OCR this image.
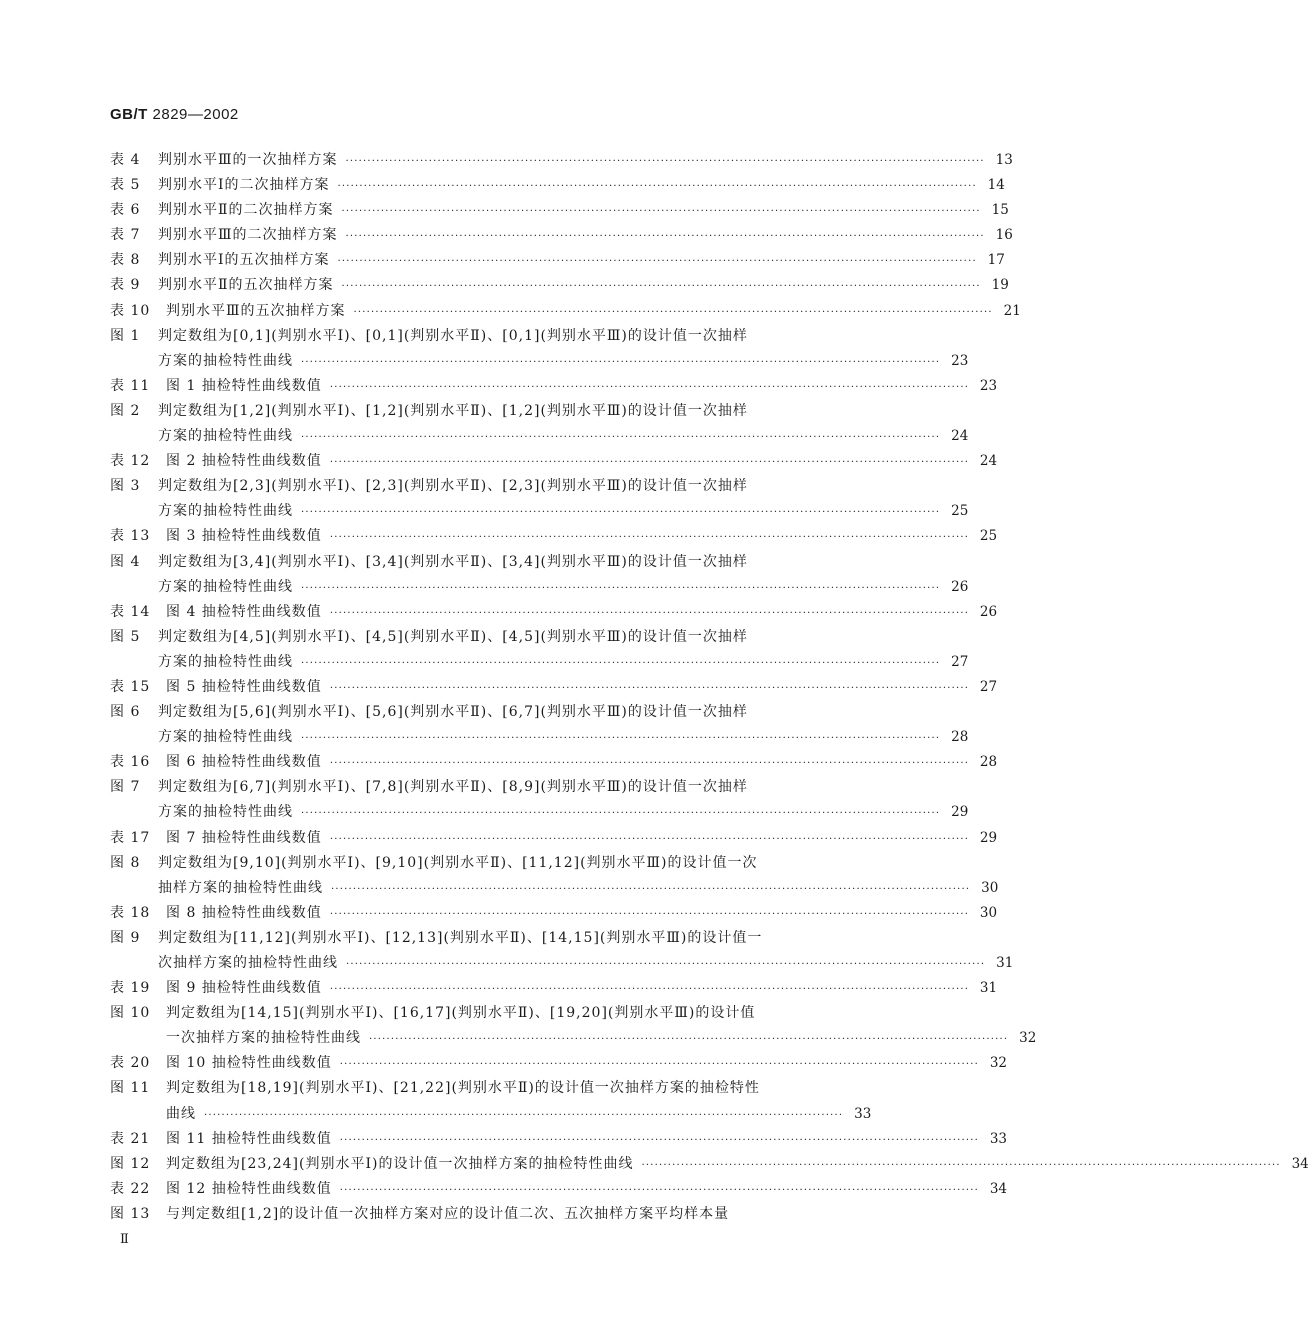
GB/T 2829—2002
表 4	判别水平Ⅲ的一次抽样方案 ·····	13
表 5	判别水平Ⅰ的二次抽样方案 ·····	14
表 6	判别水平Ⅱ的二次抽样方案 ·····	15
表 7	判别水平Ⅲ的二次抽样方案 ·····	16
表 8	判别水平Ⅰ的五次抽样方案 ·····	17
表 9	判别水平Ⅱ的五次抽样方案 ·····	19
表 10	判别水平Ⅲ的五次抽样方案 ·····	21
图 1	判定数组为[0,1](判别水平Ⅰ)、[0,1](判别水平Ⅱ)、[0,1](判别水平Ⅲ)的设计值一次抽样
方案的抽检特性曲线 ·····	23
表 11	图 1 抽检特性曲线数值 ·····	23
图 2	判定数组为[1,2](判别水平Ⅰ)、[1,2](判别水平Ⅱ)、[1,2](判别水平Ⅲ)的设计值一次抽样
方案的抽检特性曲线 ·····	24
表 12	图 2 抽检特性曲线数值 ·····	24
图 3	判定数组为[2,3](判别水平Ⅰ)、[2,3](判别水平Ⅱ)、[2,3](判别水平Ⅲ)的设计值一次抽样
方案的抽检特性曲线 ·····	25
表 13	图 3 抽检特性曲线数值 ·····	25
图 4	判定数组为[3,4](判别水平Ⅰ)、[3,4](判别水平Ⅱ)、[3,4](判别水平Ⅲ)的设计值一次抽样
方案的抽检特性曲线 ·····	26
表 14	图 4 抽检特性曲线数值 ·····	26
图 5	判定数组为[4,5](判别水平Ⅰ)、[4,5](判别水平Ⅱ)、[4,5](判别水平Ⅲ)的设计值一次抽样
方案的抽检特性曲线 ·····	27
表 15	图 5 抽检特性曲线数值 ·····	27
图 6	判定数组为[5,6](判别水平Ⅰ)、[5,6](判别水平Ⅱ)、[6,7](判别水平Ⅲ)的设计值一次抽样
方案的抽检特性曲线 ·····	28
表 16	图 6 抽检特性曲线数值 ·····	28
图 7	判定数组为[6,7](判别水平Ⅰ)、[7,8](判别水平Ⅱ)、[8,9](判别水平Ⅲ)的设计值一次抽样
方案的抽检特性曲线 ·····	29
表 17	图 7 抽检特性曲线数值 ·····	29
图 8	判定数组为[9,10](判别水平Ⅰ)、[9,10](判别水平Ⅱ)、[11,12](判别水平Ⅲ)的设计值一次
抽样方案的抽检特性曲线 ·····	30
表 18	图 8 抽检特性曲线数值 ·····	30
图 9	判定数组为[11,12](判别水平Ⅰ)、[12,13](判别水平Ⅱ)、[14,15](判别水平Ⅲ)的设计值一
次抽样方案的抽检特性曲线 ·····	31
表 19	图 9 抽检特性曲线数值 ·····	31
图 10	判定数组为[14,15](判别水平Ⅰ)、[16,17](判别水平Ⅱ)、[19,20](判别水平Ⅲ)的设计值
一次抽样方案的抽检特性曲线 ·····	32
表 20	图 10 抽检特性曲线数值 ·····	32
图 11	判定数组为[18,19](判别水平Ⅰ)、[21,22](判别水平Ⅱ)的设计值一次抽样方案的抽检特性
曲线 ·····	33
表 21	图 11 抽检特性曲线数值 ·····	33
图 12	判定数组为[23,24](判别水平Ⅰ)的设计值一次抽样方案的抽检特性曲线 ·····	34
表 22	图 12 抽检特性曲线数值 ·····	34
图 13	与判定数组[1,2]的设计值一次抽样方案对应的设计值二次、五次抽样方案平均样本量
Ⅱ
